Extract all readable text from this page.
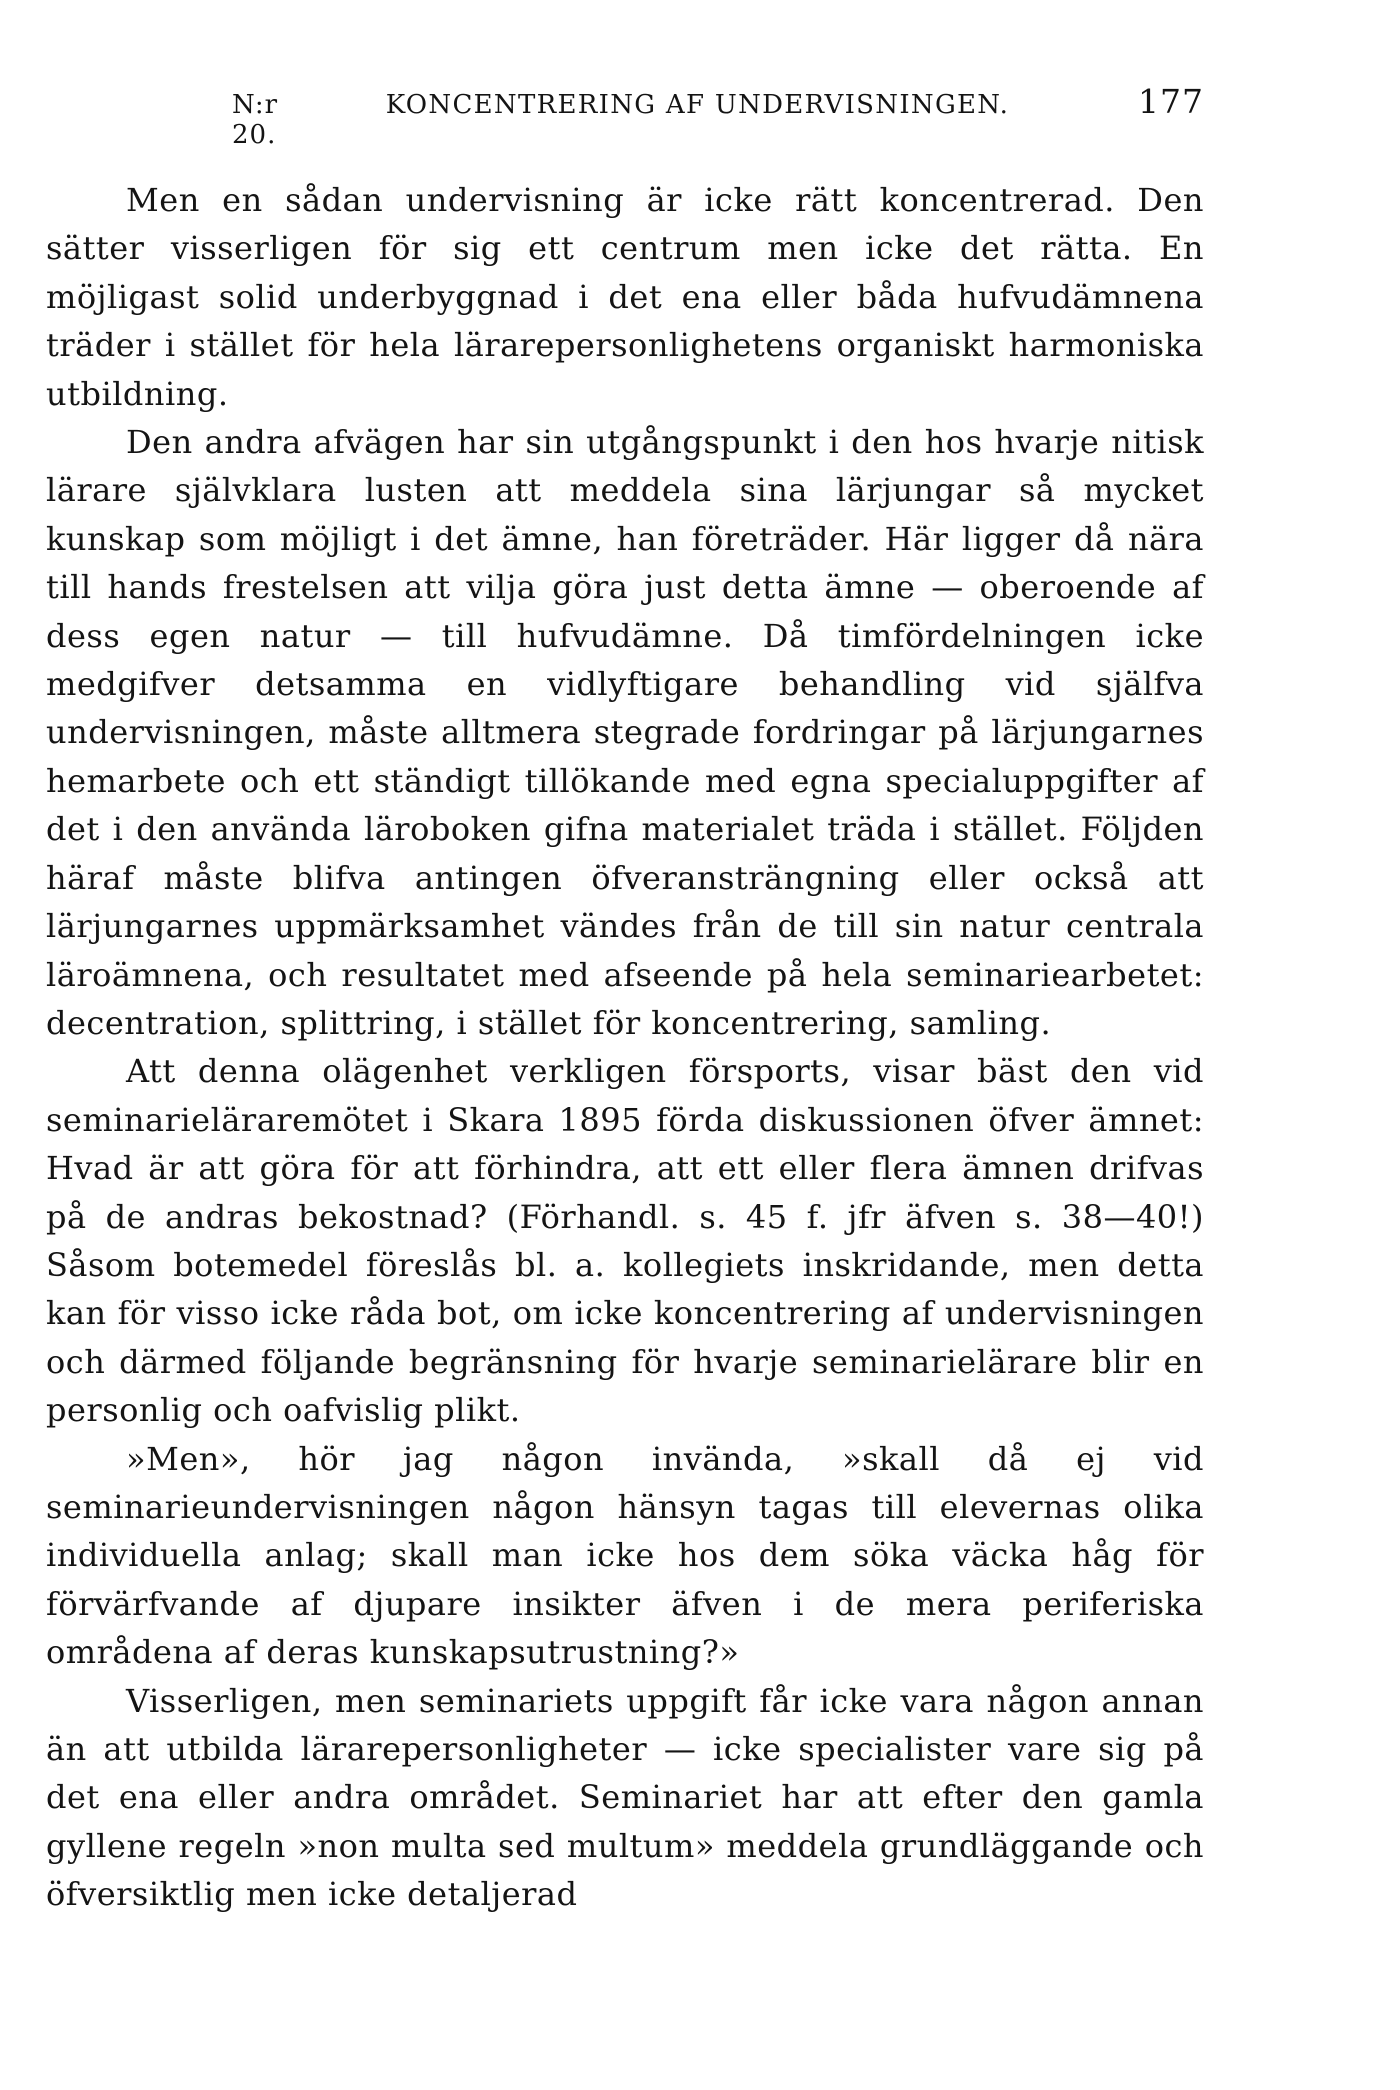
N:r 20.
KONCENTRERING AF UNDERVISNINGEN.	177

Men en sådan undervisning är icke rätt koncentrerad. Den sätter visserligen för sig ett centrum men icke det rätta. En möjligast solid underbyggnad i det ena eller båda hufvudämnena träder i stället för hela lärarepersonlighetens organiskt harmoniska utbildning.

Den andra afvägen har sin utgångspunkt i den hos hvarje nitisk lärare självklara lusten att meddela sina lärjungar så mycket kunskap som möjligt i det ämne, han företräder. Här ligger då nära till hands frestelsen att vilja göra just detta ämne — oberoende af dess egen natur — till hufvudämne. Då timfördelningen icke medgifver detsamma en vidlyftigare behandling vid själfva undervisningen, måste alltmera stegrade fordringar på lärjungarnes hemarbete och ett ständigt tillökande med egna specialuppgifter af det i den använda läroboken gifna materialet träda i stället. Följden häraf måste blifva antingen öfveransträngning eller också att lärjungarnes uppmärksamhet vändes från de till sin natur centrala läroämnena, och resultatet med afseende på hela seminariearbetet: decentration, splittring, i stället för koncentrering, samling.

Att denna olägenhet verkligen försports, visar bäst den vid seminarieläraremötet i Skara 1895 förda diskussionen öfver ämnet: Hvad är att göra för att förhindra, att ett eller flera ämnen drifvas på de andras bekostnad? (Förhandl. s. 45 f. jfr äfven s. 38—40!) Såsom botemedel föreslås bl. a. kollegiets inskridande, men detta kan för visso icke råda bot, om icke koncentrering af undervisningen och därmed följande begränsning för hvarje seminarielärare blir en personlig och oafvislig plikt.

»Men», hör jag någon invända, »skall då ej vid seminarieundervisningen någon hänsyn tagas till elevernas olika individuella anlag; skall man icke hos dem söka väcka håg för förvärfvande af djupare insikter äfven i de mera periferiska områdena af deras kunskapsutrustning?»

Visserligen, men seminariets uppgift får icke vara någon annan än att utbilda lärarepersonligheter — icke specialister vare sig på det ena eller andra området. Seminariet har att efter den gamla gyllene regeln »non multa sed multum» meddela grundläggande och öfversiktlig men icke detaljerad
